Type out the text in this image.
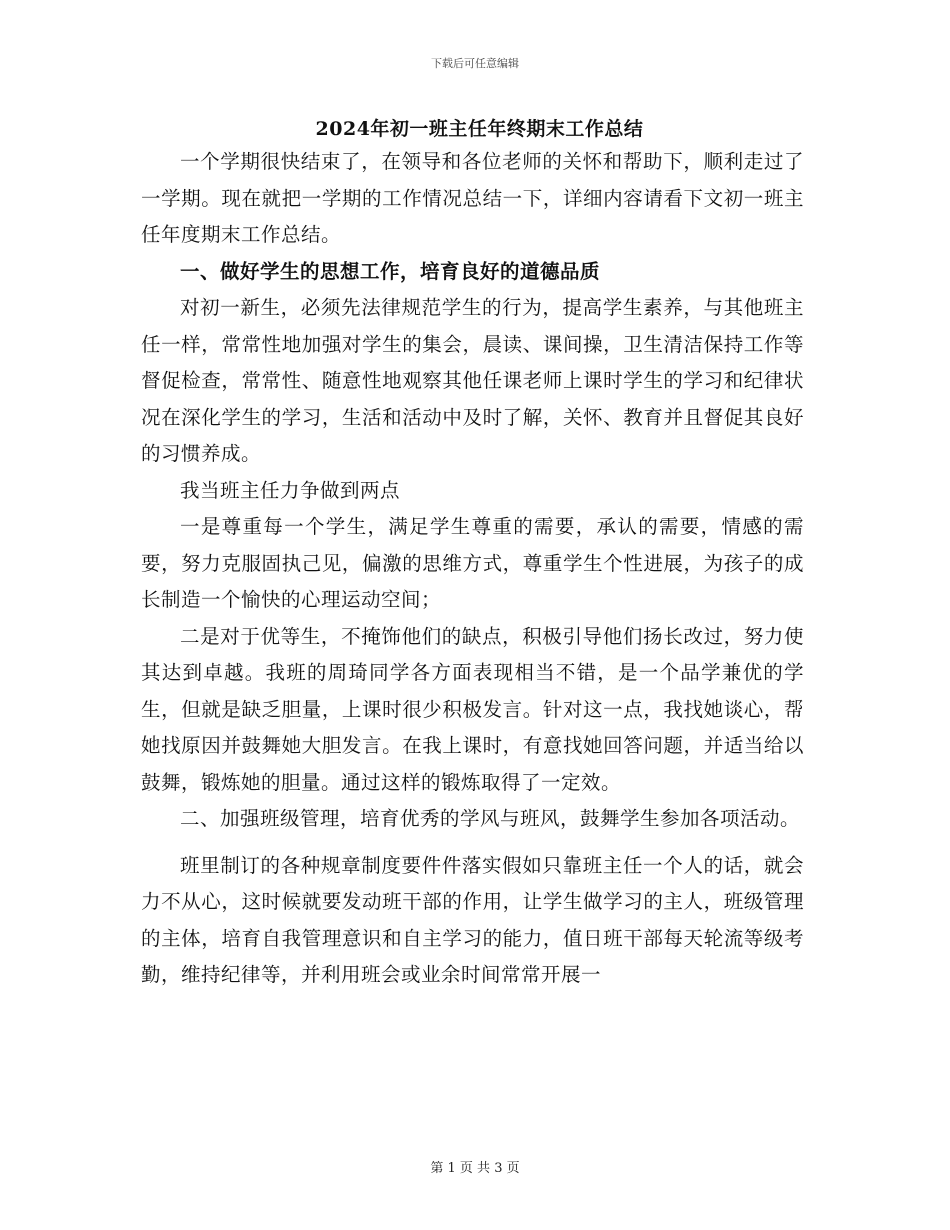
下载后可任意编辑
2024年初一班主任年终期末工作总结

一个学期很快结束了，在领导和各位老师的关怀和帮助下，顺利走过了一学期。现在就把一学期的工作情况总结一下，详细内容请看下文初一班主任年度期末工作总结。

一、做好学生的思想工作，培育良好的道德品质

对初一新生，必须先法律规范学生的行为，提高学生素养，与其他班主任一样，常常性地加强对学生的集会，晨读、课间操，卫生清洁保持工作等督促检查，常常性、随意性地观察其他任课老师上课时学生的学习和纪律状况在深化学生的学习，生活和活动中及时了解，关怀、教育并且督促其良好的习惯养成。

我当班主任力争做到两点

一是尊重每一个学生，满足学生尊重的需要，承认的需要，情感的需要，努力克服固执己见，偏激的思维方式，尊重学生个性进展，为孩子的成长制造一个愉快的心理运动空间；

二是对于优等生，不掩饰他们的缺点，积极引导他们扬长改过，努力使其达到卓越。我班的周琦同学各方面表现相当不错，是一个品学兼优的学生，但就是缺乏胆量，上课时很少积极发言。针对这一点，我找她谈心，帮她找原因并鼓舞她大胆发言。在我上课时，有意找她回答问题，并适当给以鼓舞，锻炼她的胆量。通过这样的锻炼取得了一定效。

二、加强班级管理，培育优秀的学风与班风，鼓舞学生参加各项活动。

班里制订的各种规章制度要件件落实假如只靠班主任一个人的话，就会力不从心，这时候就要发动班干部的作用，让学生做学习的主人，班级管理的主体，培育自我管理意识和自主学习的能力，值日班干部每天轮流等级考勤，维持纪律等，并利用班会或业余时间常常开展一

第 1 页 共 3 页
